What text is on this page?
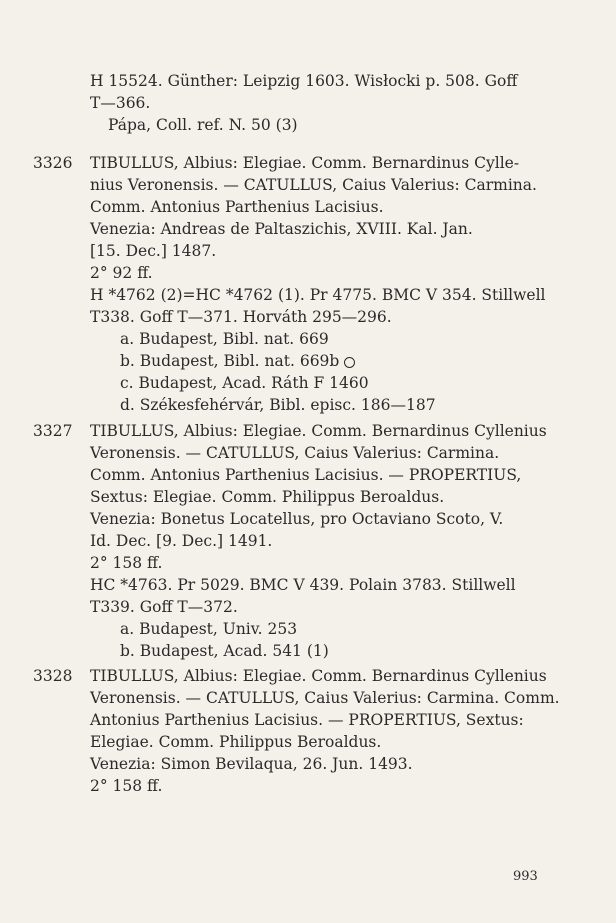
H 15524. Günther: Leipzig 1603. Wisłocki p. 508. Goff

T—366.

Pápa, Coll. ref. N. 50 (3)

3326 TIBULLUS, Albius: Elegiae. Comm. Bernardinus Cylle-

nius Veronensis. — CATULLUS, Caius Valerius: Carmina.

Comm. Antonius Parthenius Lacisius.

Venezia: Andreas de Paltaszichis, XVIII. Kal. Jan.

[15. Dec.] 1487.

2° 92 ff.

H *4762 (2)=HC *4762 (1). Pr 4775. BMC V 354. Stillwell

T338. Goff T—371. Horváth 295—296.

a. Budapest, Bibl. nat. 669

b. Budapest, Bibl. nat. 669b

c. Budapest, Acad. Ráth F 1460

d. Székesfehérvár, Bibl. episc. 186—187

3327 TIBULLUS, Albius: Elegiae. Comm. Bernardinus Cyllenius

Veronensis. — CATULLUS, Caius Valerius: Carmina.

Comm. Antonius Parthenius Lacisius. — PROPERTIUS,

Sextus: Elegiae. Comm. Philippus Beroaldus.

Venezia: Bonetus Locatellus, pro Octaviano Scoto, V.

Id. Dec. [9. Dec.] 1491.

2° 158 ff.

HC *4763. Pr 5029. BMC V 439. Polain 3783. Stillwell

T339. Goff T—372.

a. Budapest, Univ. 253

b. Budapest, Acad. 541 (1)

3328 TIBULLUS, Albius: Elegiae. Comm. Bernardinus Cyllenius

Veronensis. — CATULLUS, Caius Valerius: Carmina. Comm.

Antonius Parthenius Lacisius. — PROPERTIUS, Sextus:

Elegiae. Comm. Philippus Beroaldus.

Venezia: Simon Bevilaqua, 26. Jun. 1493.

2° 158 ff.

993
